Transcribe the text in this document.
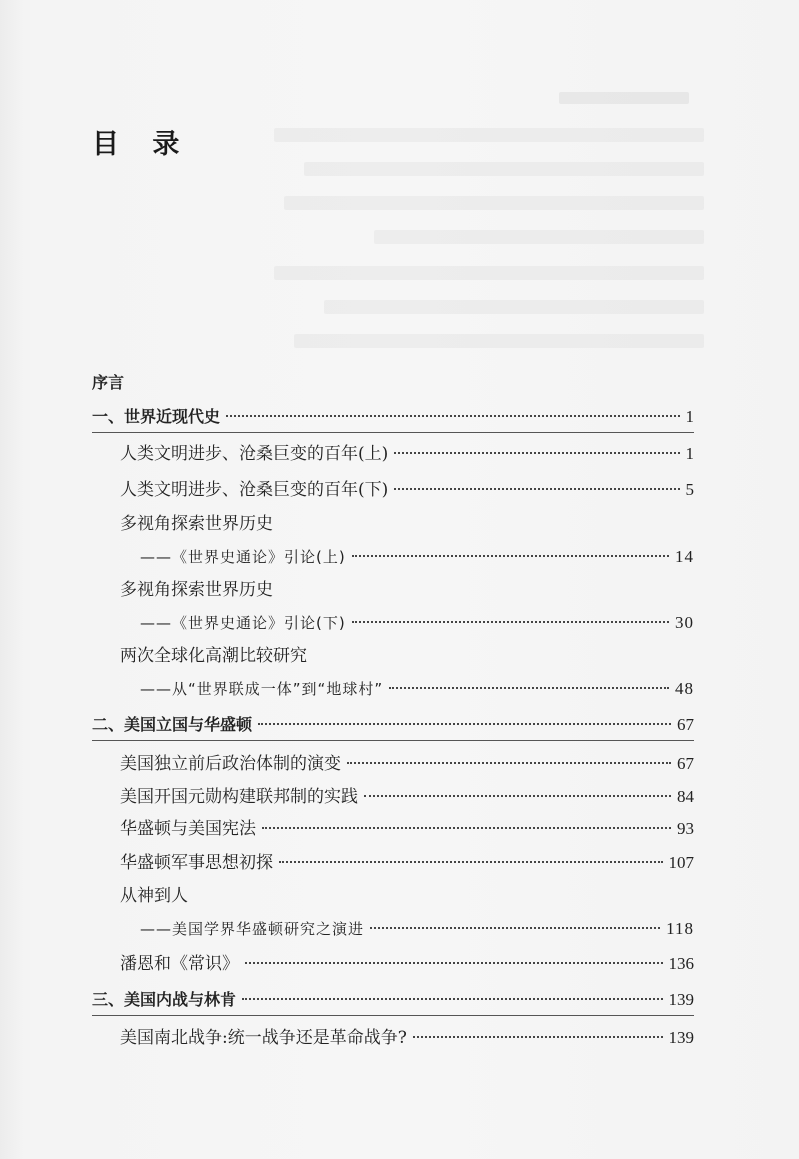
目 录
序言
一、世界近现代史	1
人类文明进步、沧桑巨变的百年(上)	1
人类文明进步、沧桑巨变的百年(下)	5
多视角探索世界历史
——《世界史通论》引论(上)	14
多视角探索世界历史
——《世界史通论》引论(下)	30
两次全球化高潮比较研究
——从“世界联成一体”到“地球村”	48
二、美国立国与华盛顿	67
美国独立前后政治体制的演变	67
美国开国元勋构建联邦制的实践	84
华盛顿与美国宪法	93
华盛顿军事思想初探	107
从神到人
——美国学界华盛顿研究之演进	118
潘恩和《常识》	136
三、美国内战与林肯	139
美国南北战争:统一战争还是革命战争?	139
